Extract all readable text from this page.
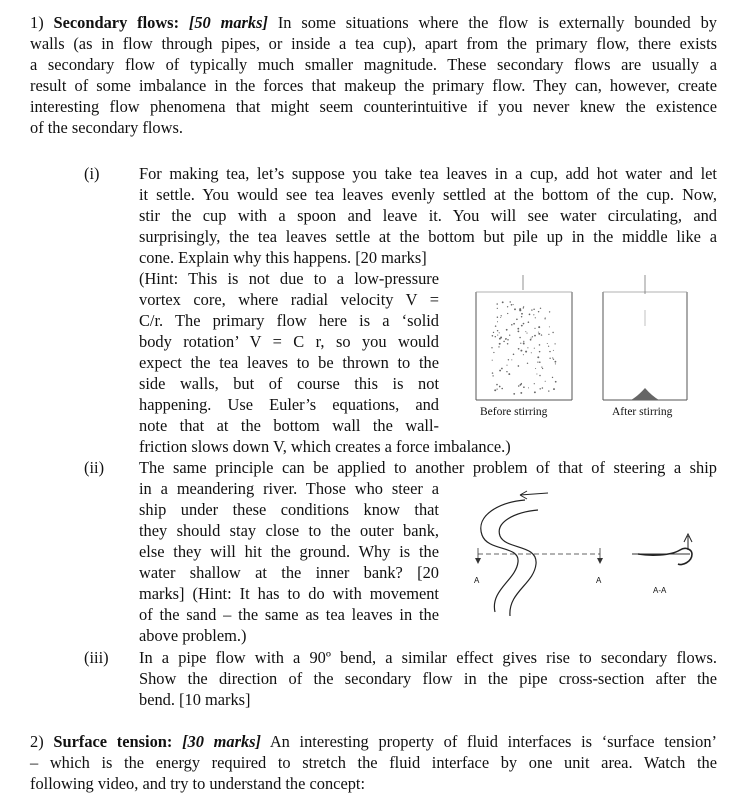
1) Secondary flows: [50 marks] In some situations where the flow is externally bounded by
walls (as in flow through pipes, or inside a tea cup), apart from the primary flow, there exists
a secondary flow of typically much smaller magnitude. These secondary flows are usually a
result of some imbalance in the forces that makeup the primary flow. They can, however, create
interesting flow phenomena that might seem counterintuitive if you never knew the existence
of the secondary flows.
(i) For making tea, let’s suppose you take tea leaves in a cup, add hot water and let
it settle. You would see tea leaves evenly settled at the bottom of the cup. Now,
stir the cup with a spoon and leave it. You will see water circulating, and
surprisingly, the tea leaves settle at the bottom but pile up in the middle like a
cone. Explain why this happens. [20 marks]
(Hint: This is not due to a low-pressure
vortex core, where radial velocity V =
C/r. The primary flow here is a ‘solid
body rotation’ V = C r, so you would
expect the tea leaves to be thrown to the
side walls, but of course this is not
happening. Use Euler’s equations, and
note that at the bottom wall the wall-
friction slows down V, which creates a force imbalance.)
Before stirring	After stirring
(ii) The same principle can be applied to another problem of that of steering a ship
in a meandering river. Those who steer a
ship under these conditions know that
they should stay close to the outer bank,
else they will hit the ground. Why is the
water shallow at the inner bank? [20
marks] (Hint: It has to do with movement
of the sand – the same as tea leaves in the
above problem.)
A	A
A-A
(iii) In a pipe flow with a 90º bend, a similar effect gives rise to secondary flows.
Show the direction of the secondary flow in the pipe cross-section after the
bend. [10 marks]
2) Surface tension: [30 marks] An interesting property of fluid interfaces is ‘surface tension’
– which is the energy required to stretch the fluid interface by one unit area. Watch the
following video, and try to understand the concept:
